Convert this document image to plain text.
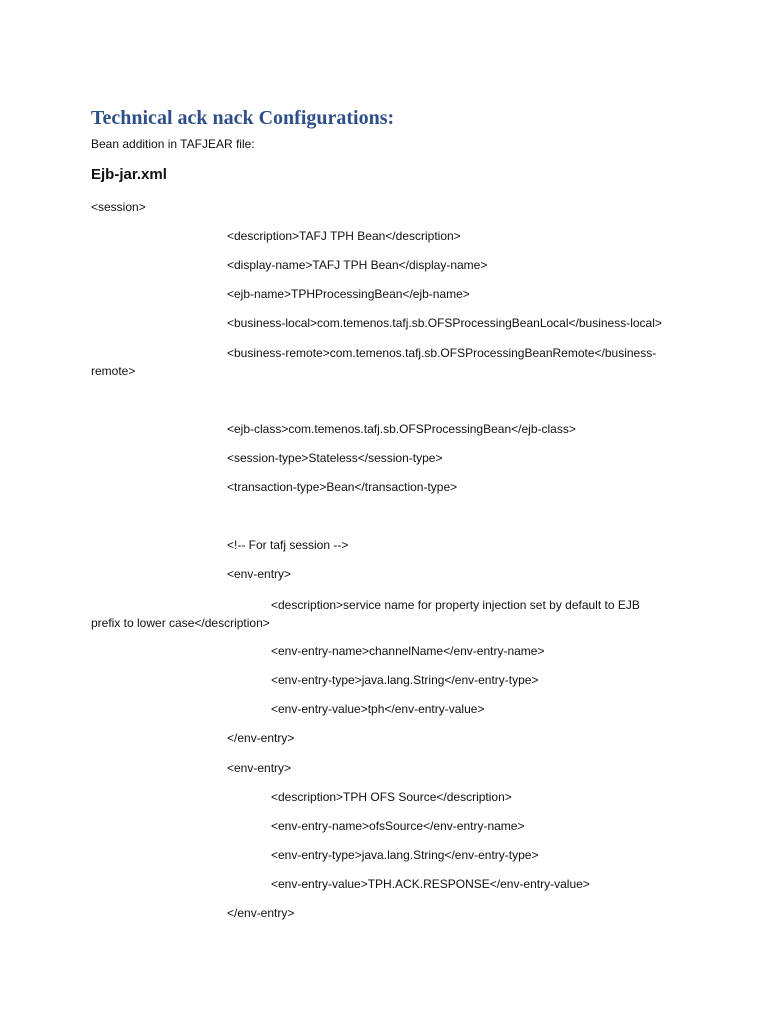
Technical ack nack Configurations:
Bean addition in TAFJEAR file:
Ejb-jar.xml
<session>
<description>TAFJ TPH Bean</description>
<display-name>TAFJ TPH Bean</display-name>
<ejb-name>TPHProcessingBean</ejb-name>
<business-local>com.temenos.tafj.sb.OFSProcessingBeanLocal</business-local>
<business-remote>com.temenos.tafj.sb.OFSProcessingBeanRemote</business-
remote>
<ejb-class>com.temenos.tafj.sb.OFSProcessingBean</ejb-class>
<session-type>Stateless</session-type>
<transaction-type>Bean</transaction-type>
<!-- For tafj session -->
<env-entry>
<description>service name for property injection set by default to EJB
prefix to lower case</description>
<env-entry-name>channelName</env-entry-name>
<env-entry-type>java.lang.String</env-entry-type>
<env-entry-value>tph</env-entry-value>
</env-entry>
<env-entry>
<description>TPH OFS Source</description>
<env-entry-name>ofsSource</env-entry-name>
<env-entry-type>java.lang.String</env-entry-type>
<env-entry-value>TPH.ACK.RESPONSE</env-entry-value>
</env-entry>
